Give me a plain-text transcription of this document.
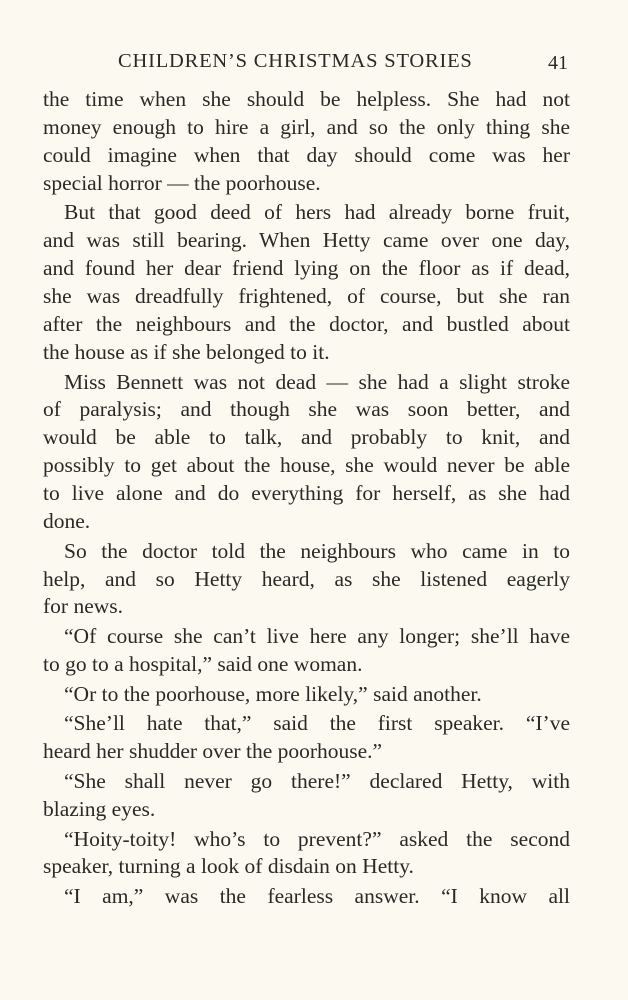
CHILDREN’S CHRISTMAS STORIES	41

the time when she should be helpless. She had not
money enough to hire a girl, and so the only thing she
could imagine when that day should come was her
special horror — the poorhouse.

But that good deed of hers had already borne fruit,
and was still bearing. When Hetty came over one day,
and found her dear friend lying on the floor as if dead,
she was dreadfully frightened, of course, but she ran
after the neighbours and the doctor, and bustled about
the house as if she belonged to it.

Miss Bennett was not dead — she had a slight stroke
of paralysis; and though she was soon better, and
would be able to talk, and probably to knit, and
possibly to get about the house, she would never be able
to live alone and do everything for herself, as she had
done.

So the doctor told the neighbours who came in to
help, and so Hetty heard, as she listened eagerly
for news.

“Of course she can’t live here any longer; she’ll have
to go to a hospital,” said one woman.

“Or to the poorhouse, more likely,” said another.

“She’ll hate that,” said the first speaker. “I’ve
heard her shudder over the poorhouse.”

“She shall never go there!” declared Hetty, with
blazing eyes.

“Hoity-toity! who’s to prevent?” asked the second
speaker, turning a look of disdain on Hetty.

“I am,” was the fearless answer. “I know all
